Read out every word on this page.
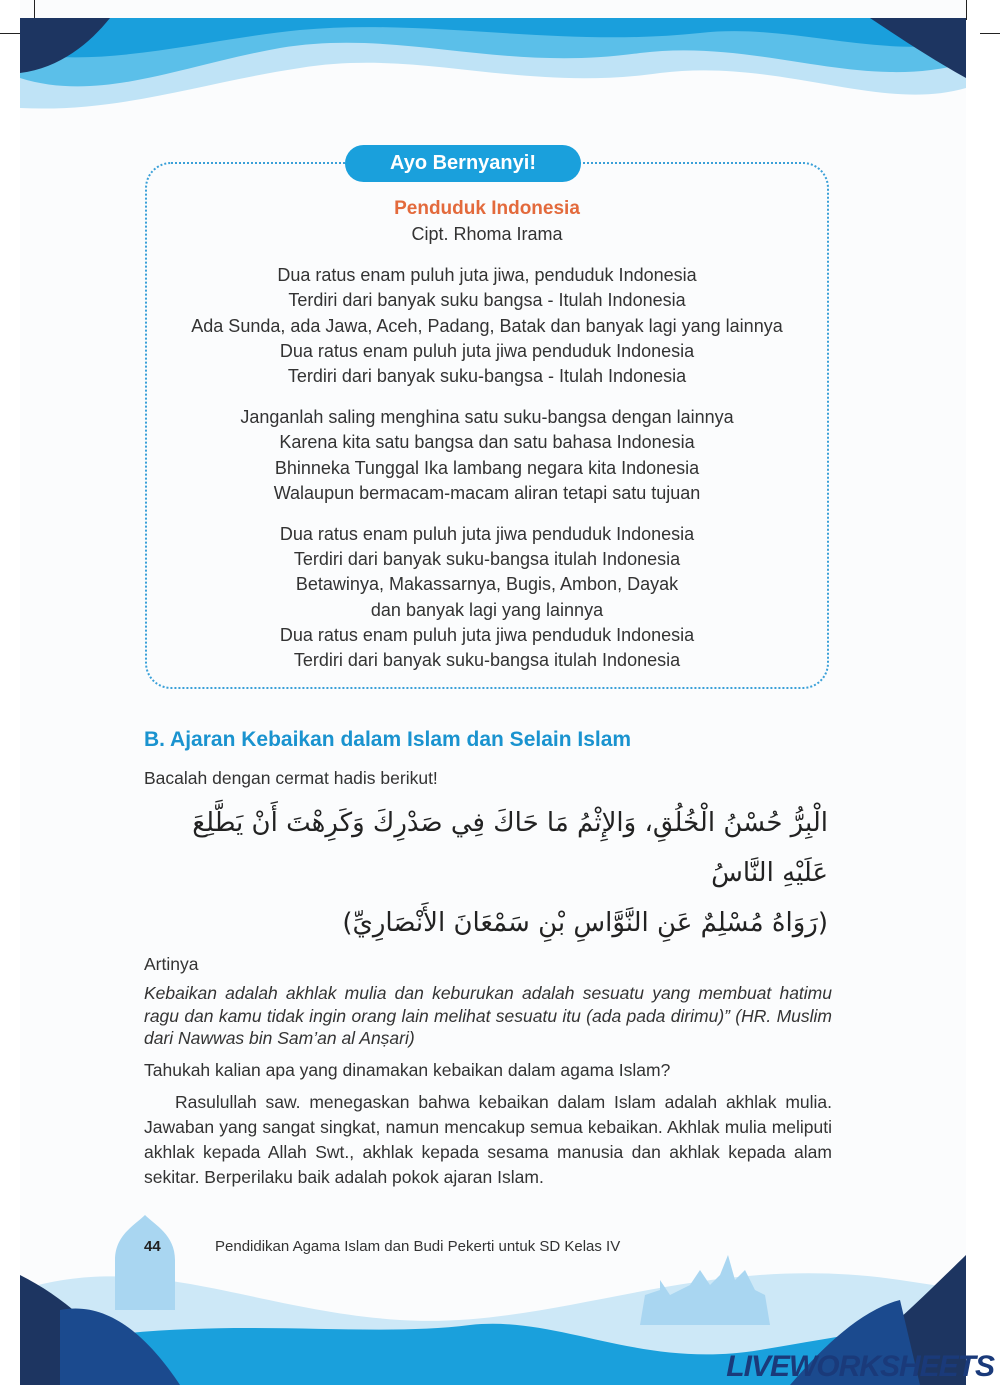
Ayo Bernyanyi!
Penduduk Indonesia
Cipt. Rhoma Irama
Dua ratus enam puluh juta jiwa, penduduk Indonesia
Terdiri dari banyak suku bangsa - Itulah Indonesia
Ada Sunda, ada Jawa, Aceh, Padang, Batak dan banyak lagi yang lainnya
Dua ratus enam puluh juta jiwa penduduk Indonesia
Terdiri dari banyak suku-bangsa - Itulah Indonesia
Janganlah saling menghina satu suku-bangsa dengan lainnya
Karena kita satu bangsa dan satu bahasa Indonesia
Bhinneka Tunggal Ika lambang negara kita Indonesia
Walaupun bermacam-macam aliran tetapi satu tujuan
Dua ratus enam puluh juta jiwa penduduk Indonesia
Terdiri dari banyak suku-bangsa itulah Indonesia
Betawinya, Makassarnya, Bugis, Ambon, Dayak
dan banyak lagi yang lainnya
Dua ratus enam puluh juta jiwa penduduk Indonesia
Terdiri dari banyak suku-bangsa itulah Indonesia
B. Ajaran Kebaikan dalam Islam dan Selain Islam
Bacalah dengan cermat hadis berikut!
الْبِرُّ حُسْنُ الْخُلُقِ، وَالإِثْمُ مَا حَاكَ فِي صَدْرِكَ وَكَرِهْتَ أَنْ يَطَّلِعَ عَلَيْهِ النَّاسُ
(رَوَاهُ مُسْلِمٌ عَنِ النَّوَّاسِ بْنِ سَمْعَانَ الأَنْصَارِيِّ)
Artinya
Kebaikan adalah akhlak mulia dan keburukan adalah sesuatu yang membuat hatimu ragu dan kamu tidak ingin orang lain melihat sesuatu itu (ada pada dirimu)” (HR. Muslim dari Nawwas bin Sam’an al Anṣari)
Tahukah kalian apa yang dinamakan kebaikan dalam agama Islam?
Rasulullah saw. menegaskan bahwa kebaikan dalam Islam adalah akhlak mulia. Jawaban yang sangat singkat, namun mencakup semua kebaikan. Akhlak mulia meliputi akhlak kepada Allah Swt., akhlak kepada sesama manusia dan akhlak kepada alam sekitar. Berperilaku baik adalah pokok ajaran Islam.
44	Pendidikan Agama Islam dan Budi Pekerti untuk SD Kelas IV
LIVEWORKSHEETS
